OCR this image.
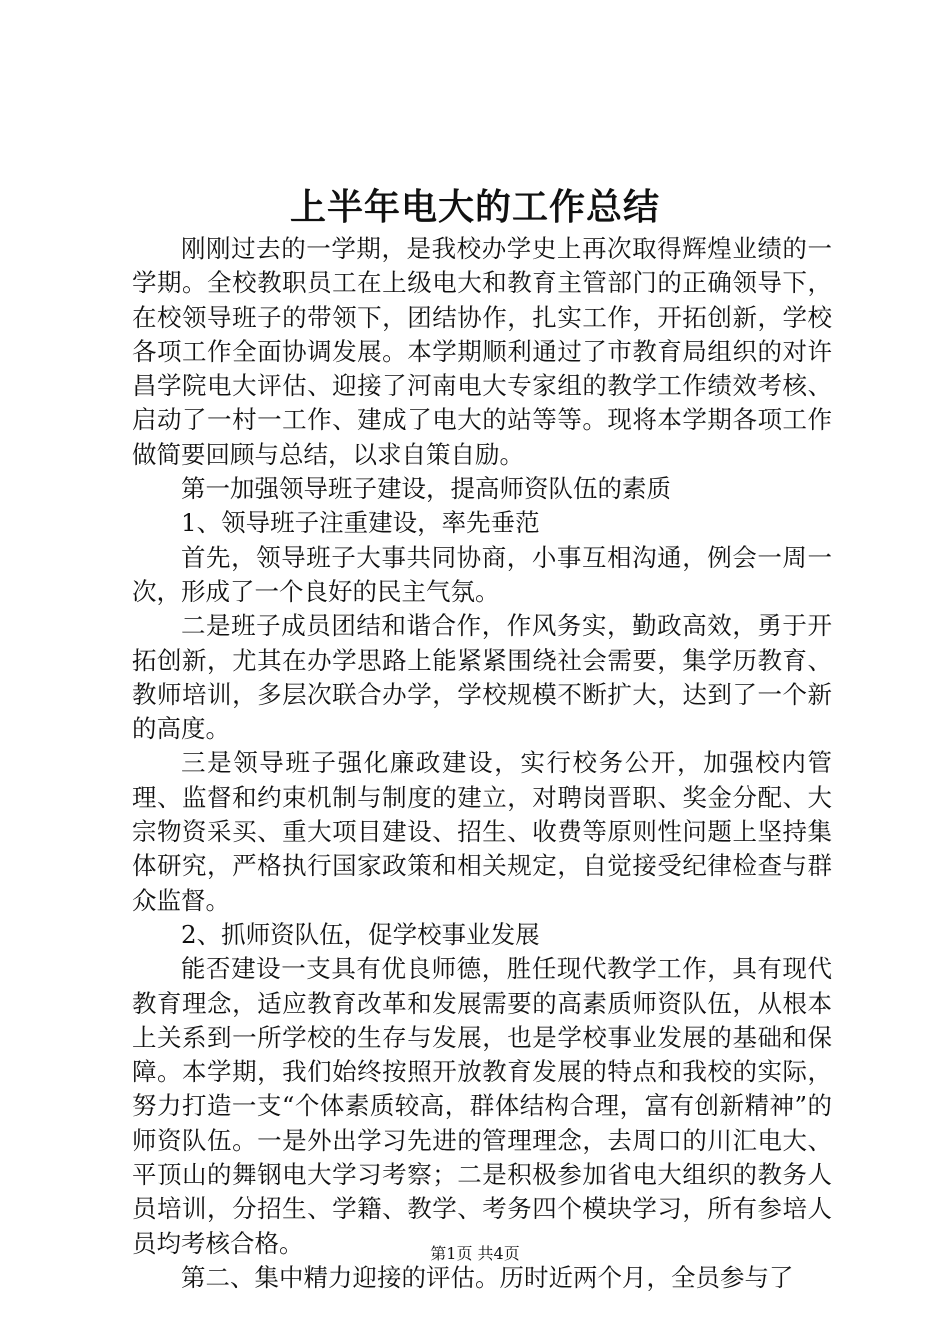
上半年电大的工作总结

刚刚过去的一学期，是我校办学史上再次取得辉煌业绩的一学期。全校教职员工在上级电大和教育主管部门的正确领导下，在校领导班子的带领下，团结协作，扎实工作，开拓创新，学校各项工作全面协调发展。本学期顺利通过了市教育局组织的对许昌学院电大评估、迎接了河南电大专家组的教学工作绩效考核、启动了一村一工作、建成了电大的站等等。现将本学期各项工作做简要回顾与总结，以求自策自励。

第一加强领导班子建设，提高师资队伍的素质

1、领导班子注重建设，率先垂范

首先，领导班子大事共同协商，小事互相沟通，例会一周一次，形成了一个良好的民主气氛。

二是班子成员团结和谐合作，作风务实，勤政高效，勇于开拓创新，尤其在办学思路上能紧紧围绕社会需要，集学历教育、教师培训，多层次联合办学，学校规模不断扩大，达到了一个新的高度。

三是领导班子强化廉政建设，实行校务公开，加强校内管理、监督和约束机制与制度的建立，对聘岗晋职、奖金分配、大宗物资采买、重大项目建设、招生、收费等原则性问题上坚持集体研究，严格执行国家政策和相关规定，自觉接受纪律检查与群众监督。

2、抓师资队伍，促学校事业发展

能否建设一支具有优良师德，胜任现代教学工作，具有现代教育理念，适应教育改革和发展需要的高素质师资队伍，从根本上关系到一所学校的生存与发展，也是学校事业发展的基础和保障。本学期，我们始终按照开放教育发展的特点和我校的实际，努力打造一支“个体素质较高，群体结构合理，富有创新精神”的师资队伍。一是外出学习先进的管理理念，去周口的川汇电大、平顶山的舞钢电大学习考察；二是积极参加省电大组织的教务人员培训，分招生、学籍、教学、考务四个模块学习，所有参培人员均考核合格。

第二、集中精力迎接的评估。历时近两个月，全员参与了

第1页 共4页
